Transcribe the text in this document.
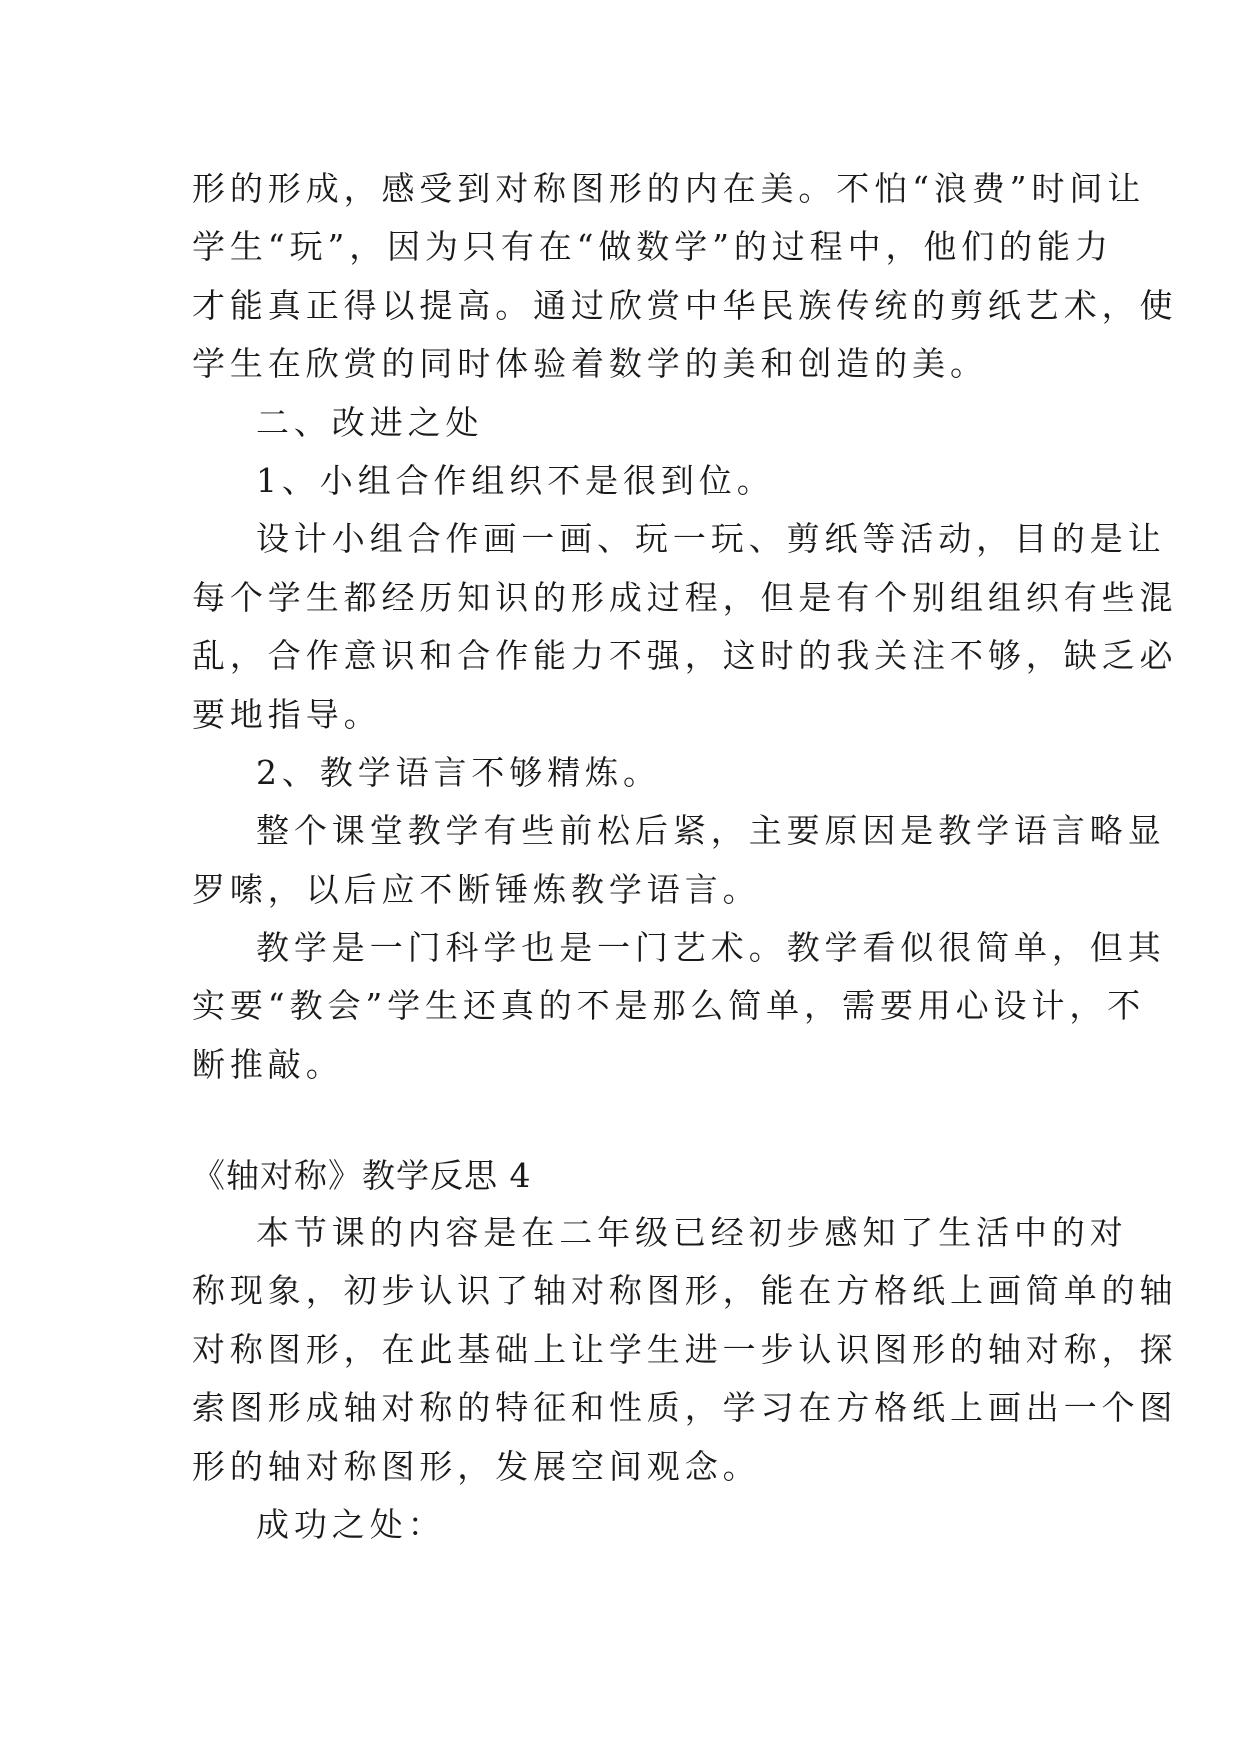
形的形成，感受到对称图形的内在美。不怕“浪费”时间让
学生“玩”，因为只有在“做数学”的过程中，他们的能力
才能真正得以提高。通过欣赏中华民族传统的剪纸艺术，使
学生在欣赏的同时体验着数学的美和创造的美。
二、改进之处
1、小组合作组织不是很到位。
设计小组合作画一画、玩一玩、剪纸等活动，目的是让
每个学生都经历知识的形成过程，但是有个别组组织有些混
乱，合作意识和合作能力不强，这时的我关注不够，缺乏必
要地指导。
2、教学语言不够精炼。
整个课堂教学有些前松后紧，主要原因是教学语言略显
罗嗦，以后应不断锤炼教学语言。
教学是一门科学也是一门艺术。教学看似很简单，但其
实要“教会”学生还真的不是那么简单，需要用心设计，不
断推敲。
《轴对称》教学反思 4
本节课的内容是在二年级已经初步感知了生活中的对
称现象，初步认识了轴对称图形，能在方格纸上画简单的轴
对称图形，在此基础上让学生进一步认识图形的轴对称，探
索图形成轴对称的特征和性质，学习在方格纸上画出一个图
形的轴对称图形，发展空间观念。
成功之处：
